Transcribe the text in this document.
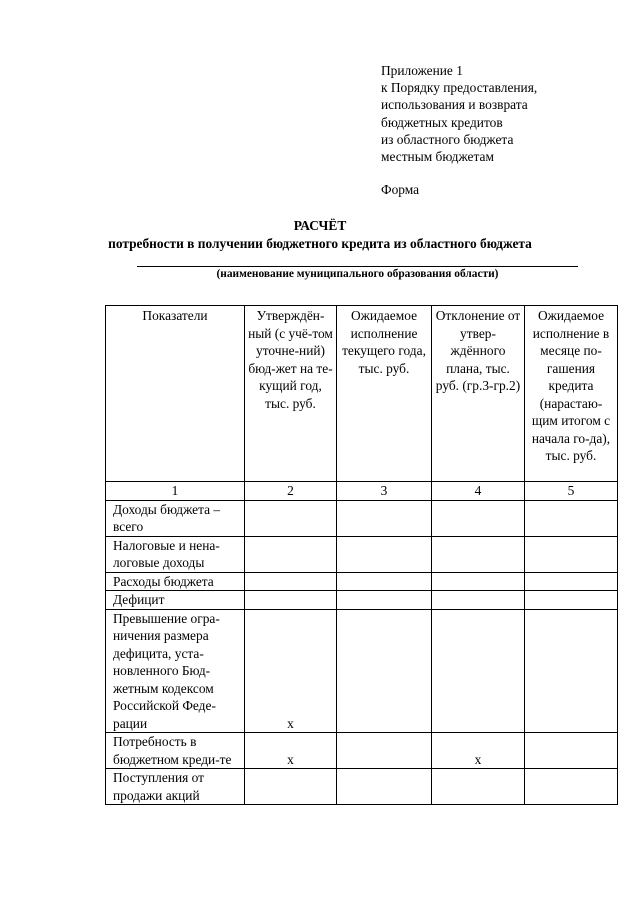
Приложение 1
к Порядку предоставления,
использования и возврата
бюджетных кредитов
из областного бюджета
местным бюджетам
Форма
РАСЧЁТ
потребности в получении бюджетного кредита из областного бюджета
(наименование муниципального образования области)
Показатели	Утверждён-ный (с учё-том уточне-ний) бюд-жет на те-кущий год, тыс. руб.	Ожидаемое исполнение текущего года, тыс. руб.	Отклонение от утвер-ждённого плана, тыс. руб. (гр.3-гр.2)	Ожидаемое исполнение в месяце по-гашения кредита (нарастаю-щим итогом с начала го-да), тыс. руб.
1	2	3	4	5
Доходы бюджета – всего				
Налоговые и нена-логовые доходы				
Расходы бюджета				
Дефицит				
Превышение огра-ничения размера дефицита, уста-новленного Бюд-жетным кодексом Российской Феде-рации	х			
Потребность в бюджетном креди-те	х		х	
Поступления от продажи акций				
